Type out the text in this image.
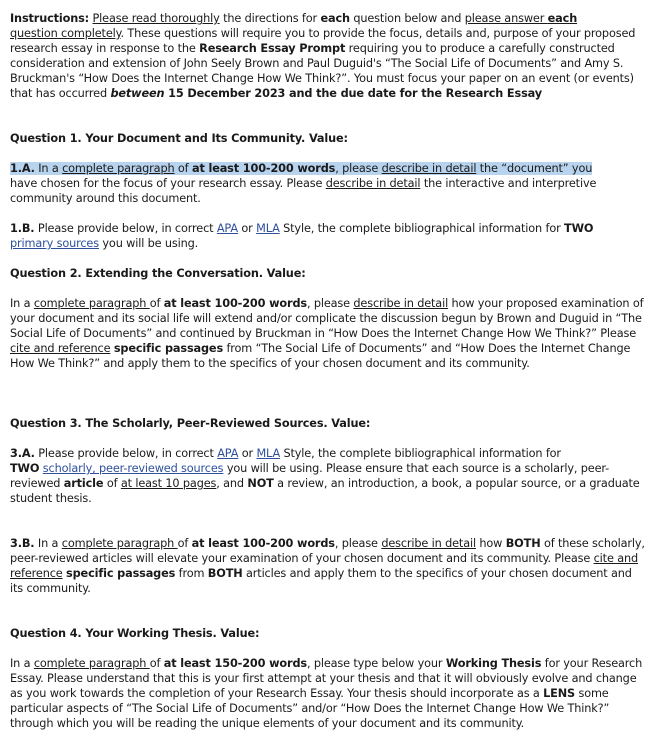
Instructions: Please read thoroughly the directions for each question below and please answer each
question completely. These questions will require you to provide the focus, details and, purpose of your proposed research essay in response to the Research Essay Prompt requiring you to produce a carefully constructed consideration and extension of John Seely Brown and Paul Duguid's “The Social Life of Documents” and Amy S. Bruckman's “How Does the Internet Change How We Think?”. You must focus your paper on an event (or events) that has occurred between 15 December 2023 and the due date for the Research Essay

Question 1. Your Document and Its Community. Value:

1.A. In a complete paragraph of at least 100-200 words, please describe in detail the “document” you
have chosen for the focus of your research essay. Please describe in detail the interactive and interpretive community around this document.

1.B. Please provide below, in correct APA or MLA Style, the complete bibliographical information for TWO
primary sources you will be using.

Question 2. Extending the Conversation. Value:

In a complete paragraph of at least 100-200 words, please describe in detail how your proposed examination of your document and its social life will extend and/or complicate the discussion begun by Brown and Duguid in “The Social Life of Documents” and continued by Bruckman in “How Does the Internet Change How We Think?” Please cite and reference specific passages from “The Social Life of Documents” and “How Does the Internet Change How We Think?” and apply them to the specifics of your chosen document and its community.

Question 3. The Scholarly, Peer-Reviewed Sources. Value:

3.A. Please provide below, in correct APA or MLA Style, the complete bibliographical information for
TWO scholarly, peer-reviewed sources you will be using. Please ensure that each source is a scholarly, peer-reviewed article of at least 10 pages, and NOT a review, an introduction, a book, a popular source, or a graduate student thesis.

3.B. In a complete paragraph of at least 100-200 words, please describe in detail how BOTH of these scholarly, peer-reviewed articles will elevate your examination of your chosen document and its community. Please cite and reference specific passages from BOTH articles and apply them to the specifics of your chosen document and its community.

Question 4. Your Working Thesis. Value:

In a complete paragraph of at least 150-200 words, please type below your Working Thesis for your Research Essay. Please understand that this is your first attempt at your thesis and that it will obviously evolve and change as you work towards the completion of your Research Essay. Your thesis should incorporate as a LENS some particular aspects of “The Social Life of Documents” and/or “How Does the Internet Change How We Think?” through which you will be reading the unique elements of your document and its community.
